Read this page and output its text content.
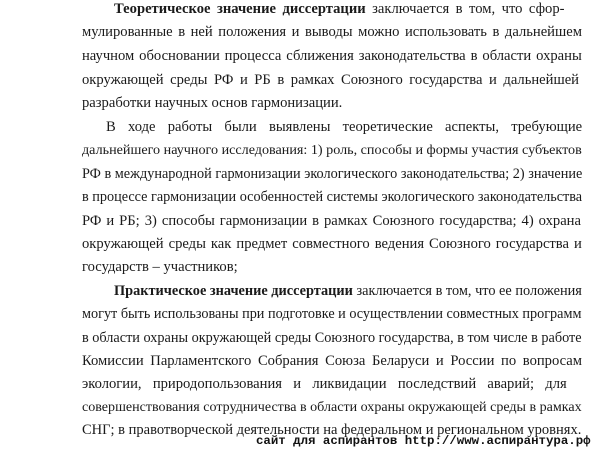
Теоретическое значение диссертации заключается в том, что сфор-
мулированные в ней положения и выводы можно использовать в дальнейшем
научном обосновании процесса сближения законодательства в области охраны
окружающей среды РФ и РБ в рамках Союзного государства и дальнейшей
разработки научных основ гармонизации.
В ходе работы были выявлены теоретические аспекты, требующие
дальнейшего научного исследования: 1) роль, способы и формы участия субъектов
РФ в международной гармонизации экологического законодательства; 2) значение
в процессе гармонизации особенностей системы экологического законодательства
РФ и РБ; 3) способы гармонизации в рамках Союзного государства; 4) охрана
окружающей среды как предмет совместного ведения Союзного государства и
государств – участников;
Практическое значение диссертации заключается в том, что ее положения
могут быть использованы при подготовке и осуществлении совместных программ
в области охраны окружающей среды Союзного государства, в том числе в работе
Комиссии Парламентского Собрания Союза Беларуси и России по вопросам
экологии, природопользования и ликвидации последствий аварий; для
совершенствования сотрудничества в области охраны окружающей среды в рамках
СНГ; в правотворческой деятельности на федеральном и региональном уровнях.
сайт для аспирантов http://www.аспирантура.рф
